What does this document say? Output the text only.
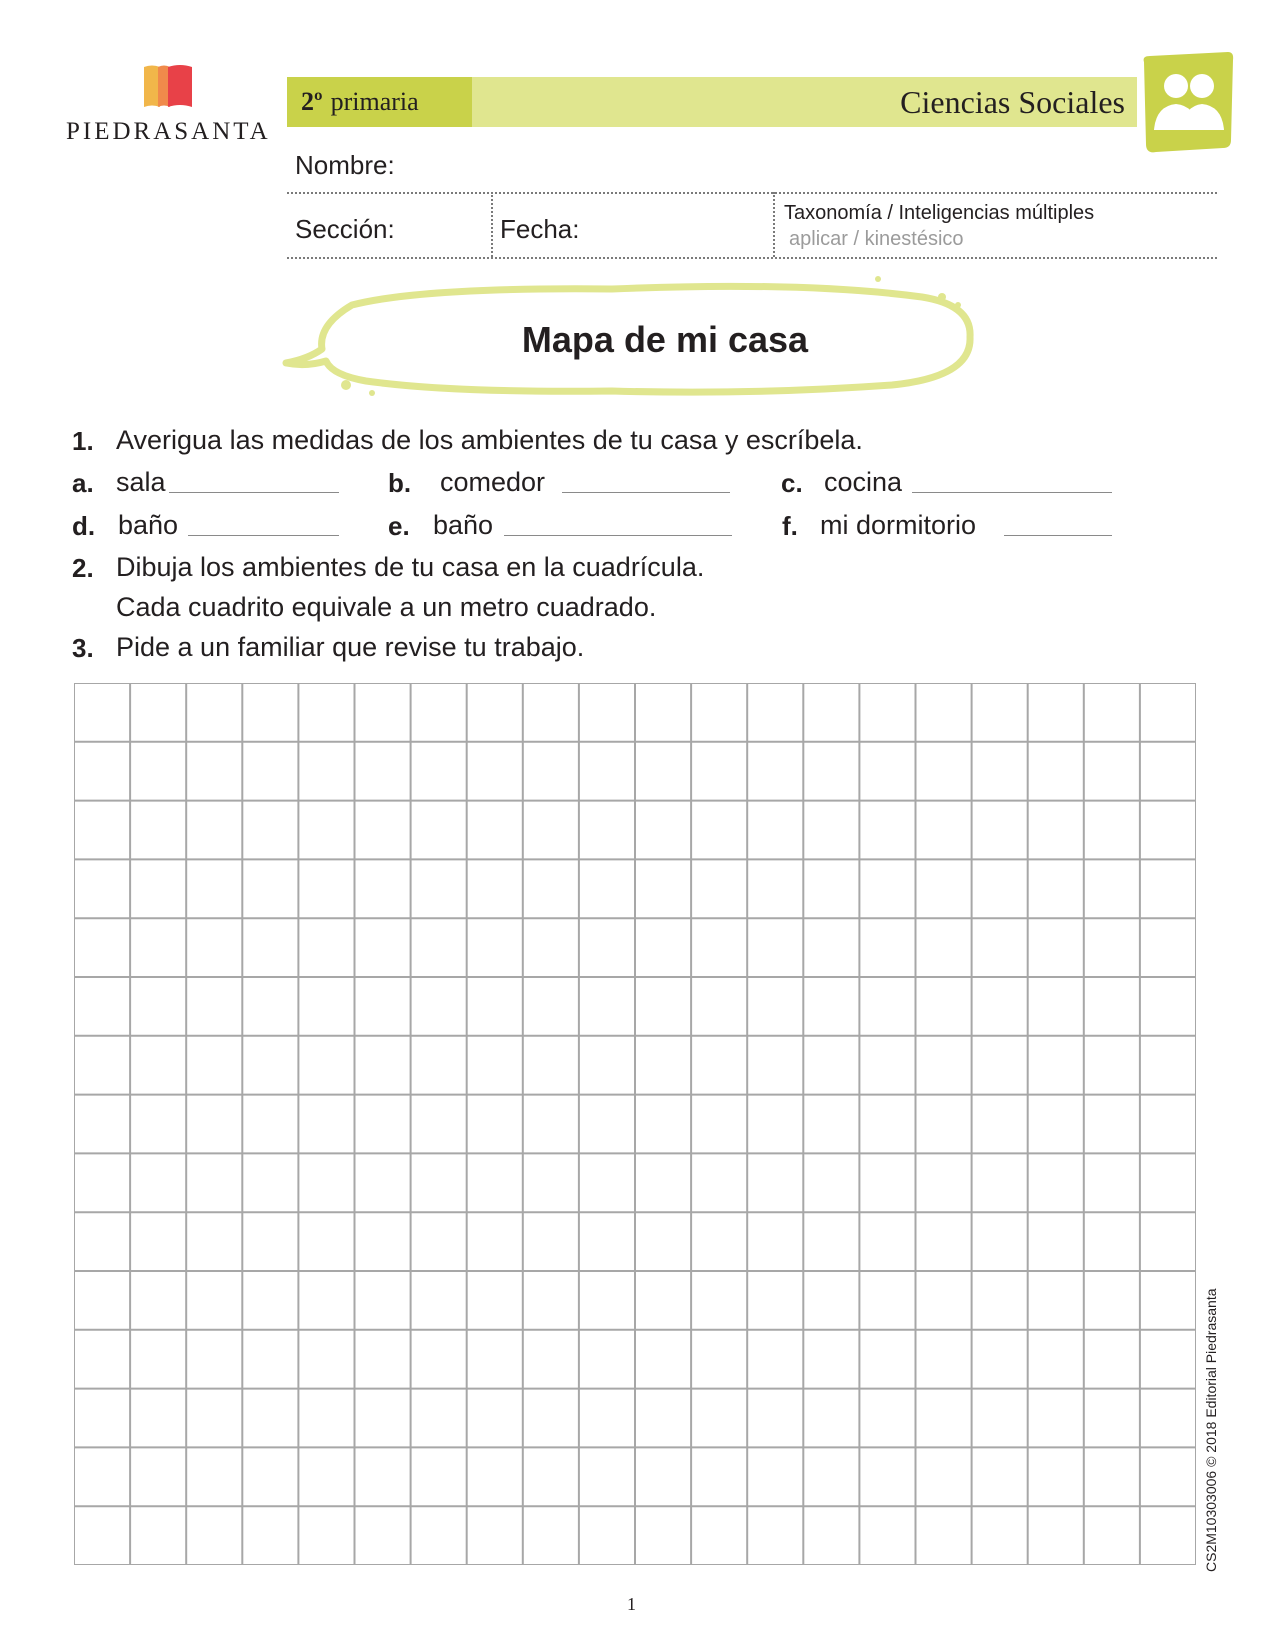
PIEDRASANTA
2º primaria	Ciencias Sociales
Nombre:
Sección:	Fecha:
Taxonomía / Inteligencias múltiples
aplicar / kinestésico
Mapa de mi casa
1. Averigua las medidas de los ambientes de tu casa y escríbela.
a. sala	b. comedor	c. cocina
d. baño	e. baño	f. mi dormitorio
2. Dibuja los ambientes de tu casa en la cuadrícula.
Cada cuadrito equivale a un metro cuadrado.
3. Pide a un familiar que revise tu trabajo.
CS2M10303006 © 2018 Editorial Piedrasanta
1
